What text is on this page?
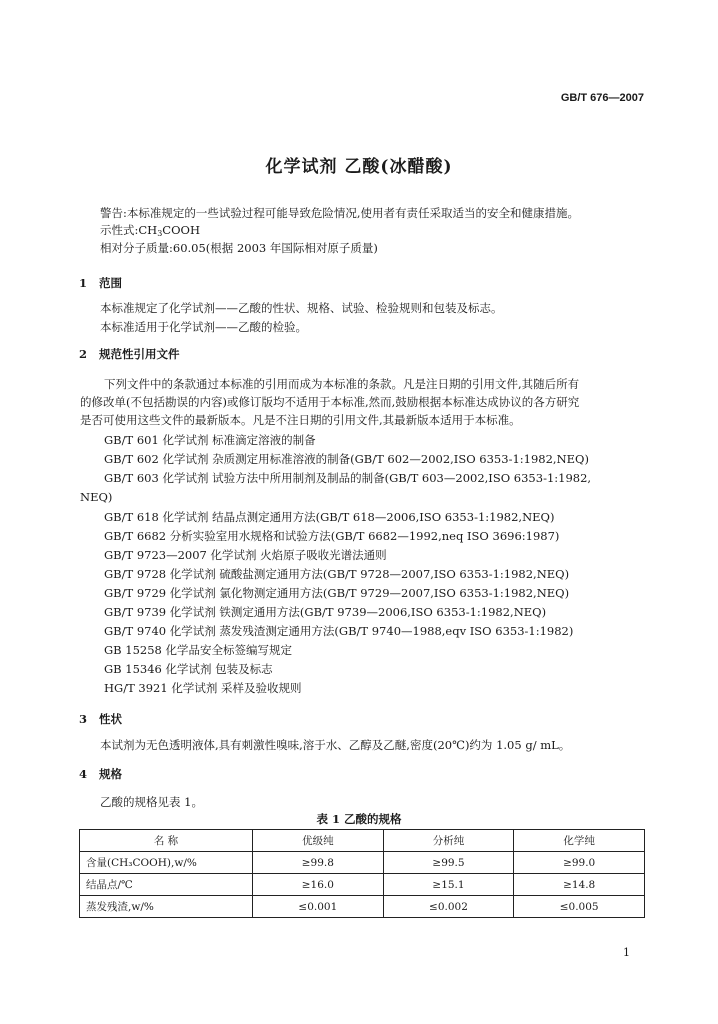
GB/T 676—2007
化学试剂 乙酸(冰醋酸)
警告:本标准规定的一些试验过程可能导致危险情况,使用者有责任采取适当的安全和健康措施。
示性式$:CH_3COOH$
相对分子质量:60.05(根据 2003 年国际相对原子质量)
1 范围
本标准规定了化学试剂——乙酸的性状、规格、试验、检验规则和包装及标志。
本标准适用于化学试剂——乙酸的检验。
2 规范性引用文件
下列文件中的条款通过本标准的引用而成为本标准的条款。凡是注日期的引用文件,其随后所有
的修改单(不包括勘误的内容)或修订版均不适用于本标准,然而,鼓励根据本标准达成协议的各方研究
是否可使用这些文件的最新版本。凡是不注日期的引用文件,其最新版本适用于本标准。
GB/T 601 化学试剂 标准滴定溶液的制备
GB/T 602 化学试剂 杂质测定用标准溶液的制备(GB/T 602—2002,ISO 6353-1:1982,NEQ)
GB/T 603 化学试剂 试验方法中所用制剂及制品的制备(GB/T 603—2002,ISO 6353-1:1982,
NEQ)
GB/T 618 化学试剂 结晶点测定通用方法(GB/T 618—2006,ISO 6353-1:1982,NEQ)
GB/T 6682 分析实验室用水规格和试验方法(GB/T 6682—1992,neq ISO 3696:1987)
GB/T 9723—2007 化学试剂 火焰原子吸收光谱法通则
GB/T 9728 化学试剂 硫酸盐测定通用方法(GB/T 9728—2007,ISO 6353-1:1982,NEQ)
GB/T 9729 化学试剂 氯化物测定通用方法(GB/T 9729—2007,ISO 6353-1:1982,NEQ)
GB/T 9739 化学试剂 铁测定通用方法(GB/T 9739—2006,ISO 6353-1:1982,NEQ)
GB/T 9740 化学试剂 蒸发残渣测定通用方法(GB/T 9740—1988,eqv ISO 6353-1:1982)
GB 15258 化学品安全标签编写规定
GB 15346 化学试剂 包装及标志
HG/T 3921 化学试剂 采样及验收规则
3 性状
本试剂为无色透明液体,具有刺激性嗅味,溶于水、乙醇及乙醚,密度(20℃)约为 1.05 g/ mL。
4 规格
乙酸的规格见表 1。
表 1 乙酸的规格
名 称	优级纯	分析纯	化学纯
含量(CH₃COOH),w/%	≥99.8	≥99.5	≥99.0
结晶点/℃	≥16.0	≥15.1	≥14.8
蒸发残渣,w/%	≤0.001	≤0.002	≤0.005
1
